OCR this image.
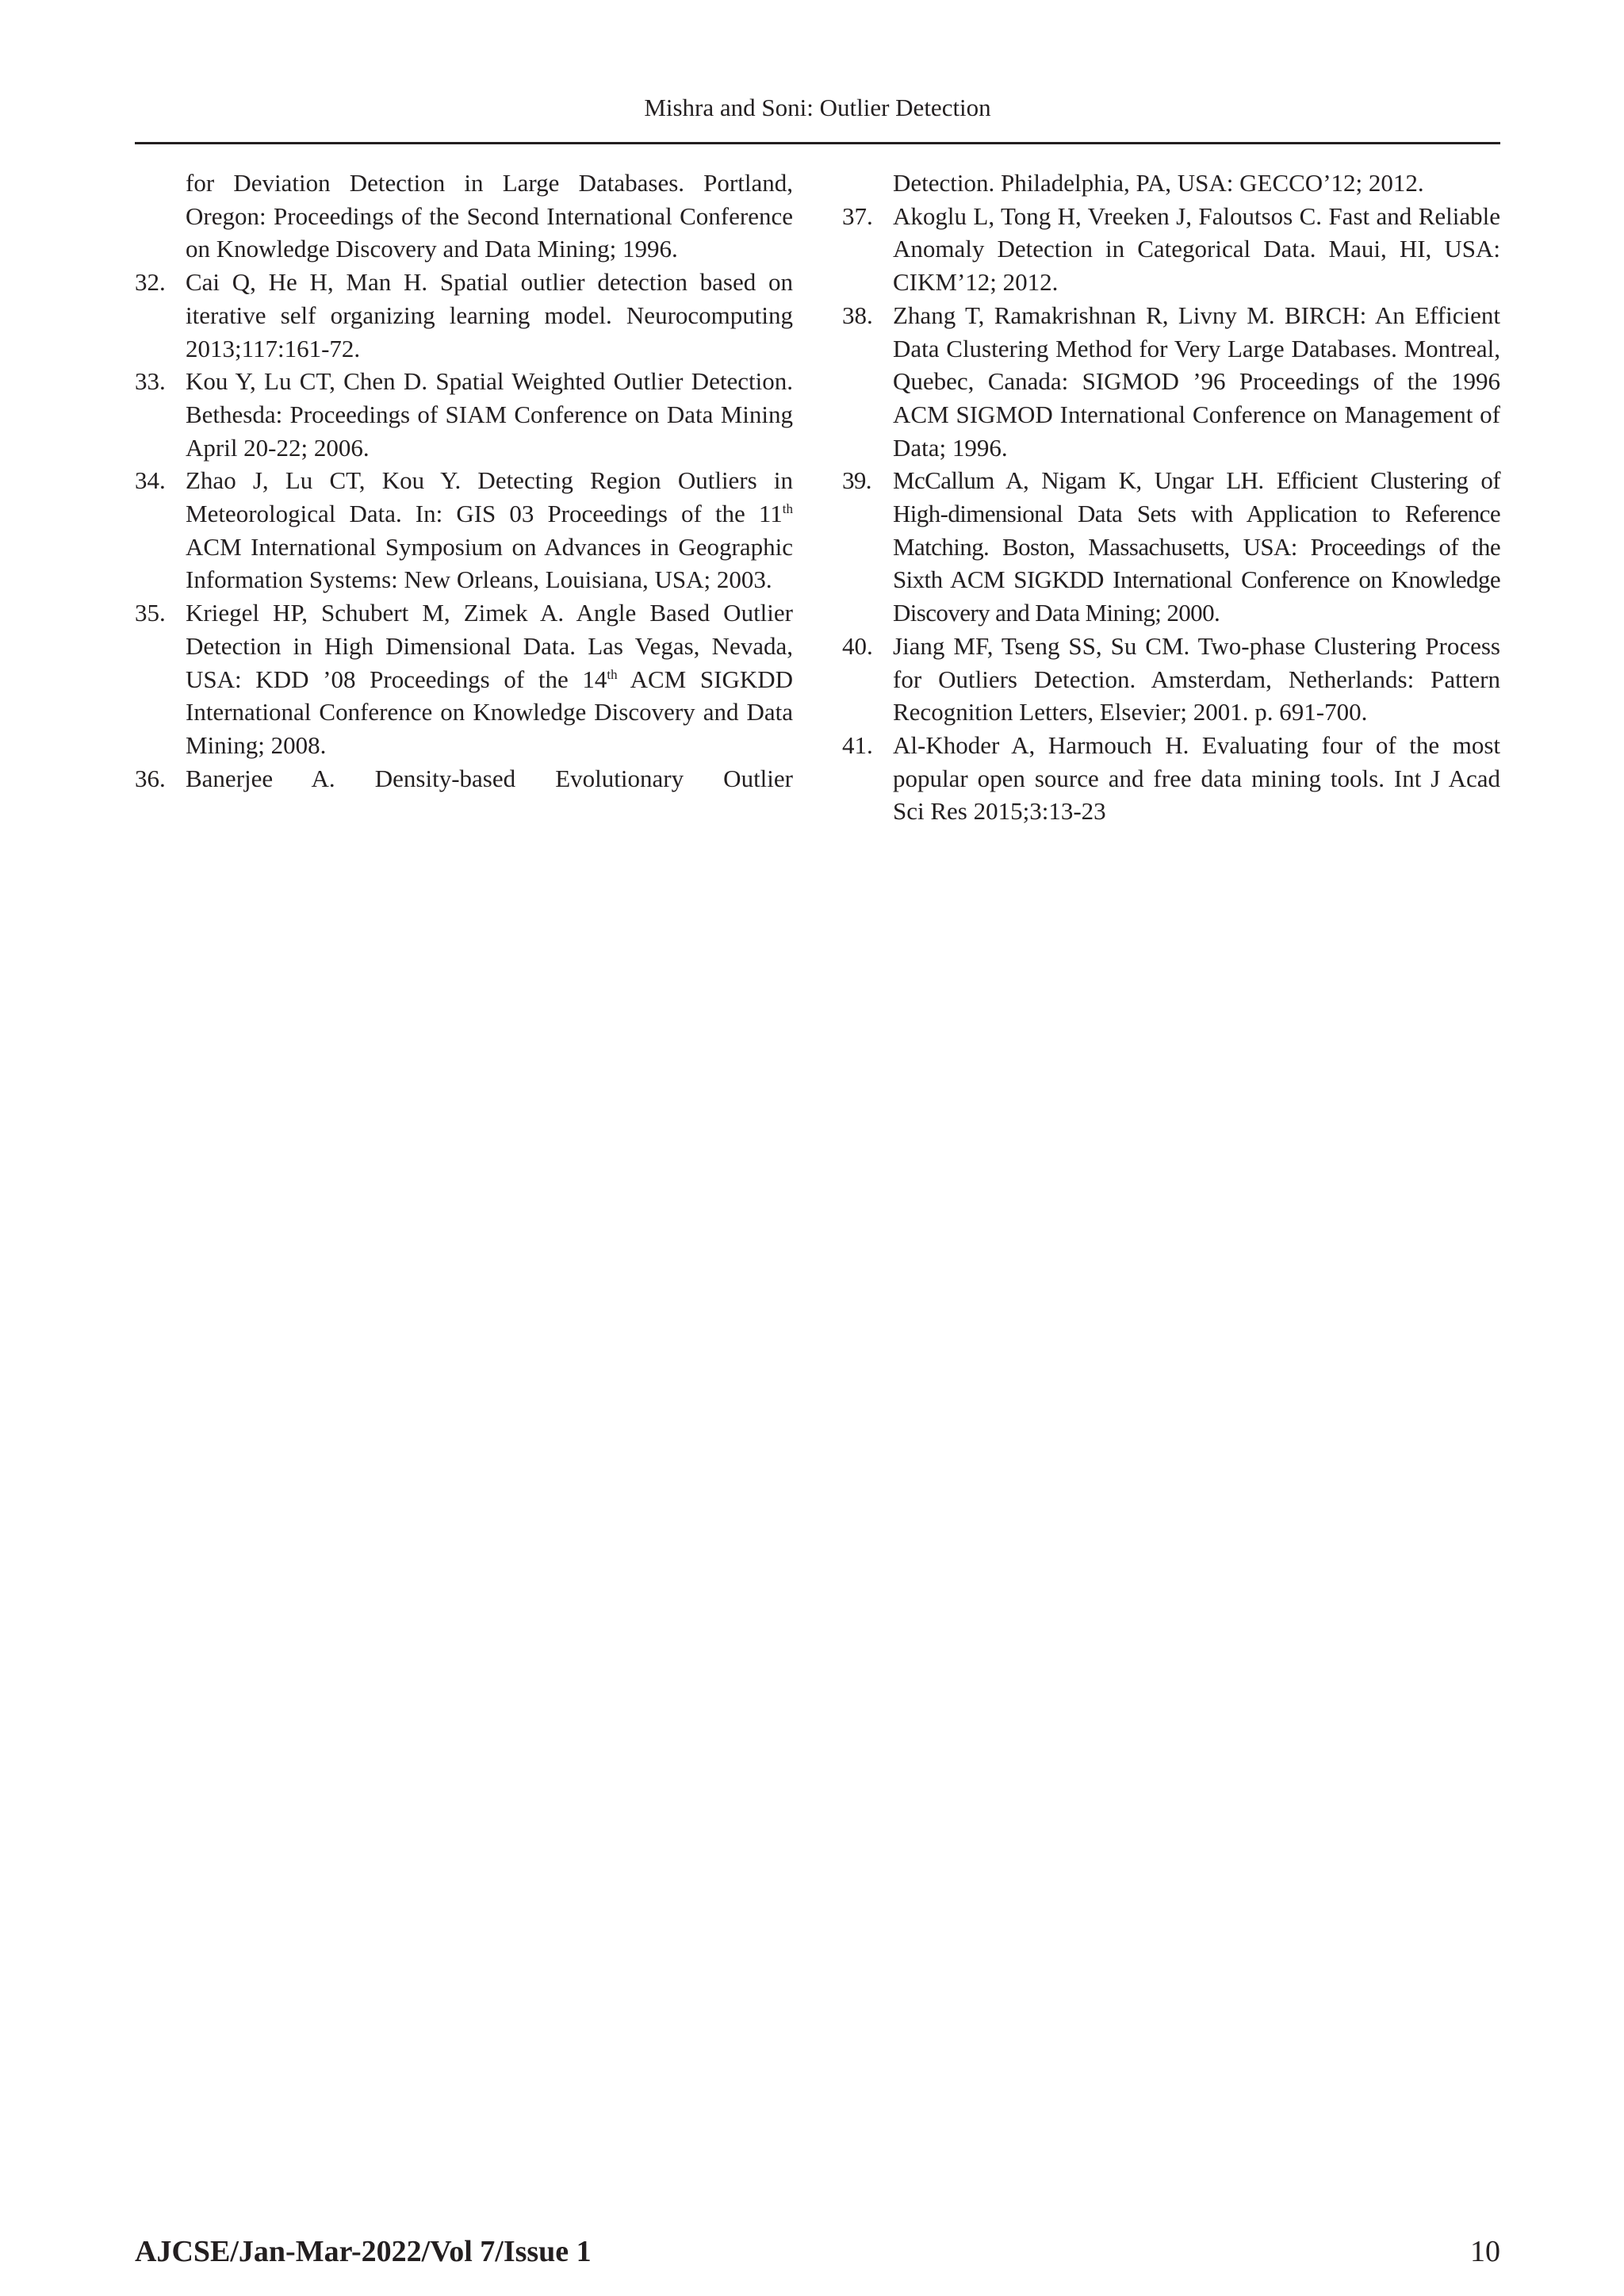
Mishra and Soni: Outlier Detection
for Deviation Detection in Large Databases. Portland, Oregon: Proceedings of the Second International Conference on Knowledge Discovery and Data Mining; 1996.
32. Cai Q, He H, Man H. Spatial outlier detection based on iterative self organizing learning model. Neurocomputing 2013;117:161-72.
33. Kou Y, Lu CT, Chen D. Spatial Weighted Outlier Detection. Bethesda: Proceedings of SIAM Conference on Data Mining April 20-22; 2006.
34. Zhao J, Lu CT, Kou Y. Detecting Region Outliers in Meteorological Data. In: GIS 03 Proceedings of the 11th ACM International Symposium on Advances in Geographic Information Systems: New Orleans, Louisiana, USA; 2003.
35. Kriegel HP, Schubert M, Zimek A. Angle Based Outlier Detection in High Dimensional Data. Las Vegas, Nevada, USA: KDD ’08 Proceedings of the 14th ACM SIGKDD International Conference on Knowledge Discovery and Data Mining; 2008.
36. Banerjee A. Density-based Evolutionary Outlier
Detection. Philadelphia, PA, USA: GECCO’12; 2012.
37. Akoglu L, Tong H, Vreeken J, Faloutsos C. Fast and Reliable Anomaly Detection in Categorical Data. Maui, HI, USA: CIKM’12; 2012.
38. Zhang T, Ramakrishnan R, Livny M. BIRCH: An Efficient Data Clustering Method for Very Large Databases. Montreal, Quebec, Canada: SIGMOD ’96 Proceedings of the 1996 ACM SIGMOD International Conference on Management of Data; 1996.
39. McCallum A, Nigam K, Ungar LH. Efficient Clustering of High-dimensional Data Sets with Application to Reference Matching. Boston, Massachusetts, USA: Proceedings of the Sixth ACM SIGKDD International Conference on Knowledge Discovery and Data Mining; 2000.
40. Jiang MF, Tseng SS, Su CM. Two-phase Clustering Process for Outliers Detection. Amsterdam, Netherlands: Pattern Recognition Letters, Elsevier; 2001. p. 691-700.
41. Al-Khoder A, Harmouch H. Evaluating four of the most popular open source and free data mining tools. Int J Acad Sci Res 2015;3:13-23
AJCSE/Jan-Mar-2022/Vol 7/Issue 1	10
